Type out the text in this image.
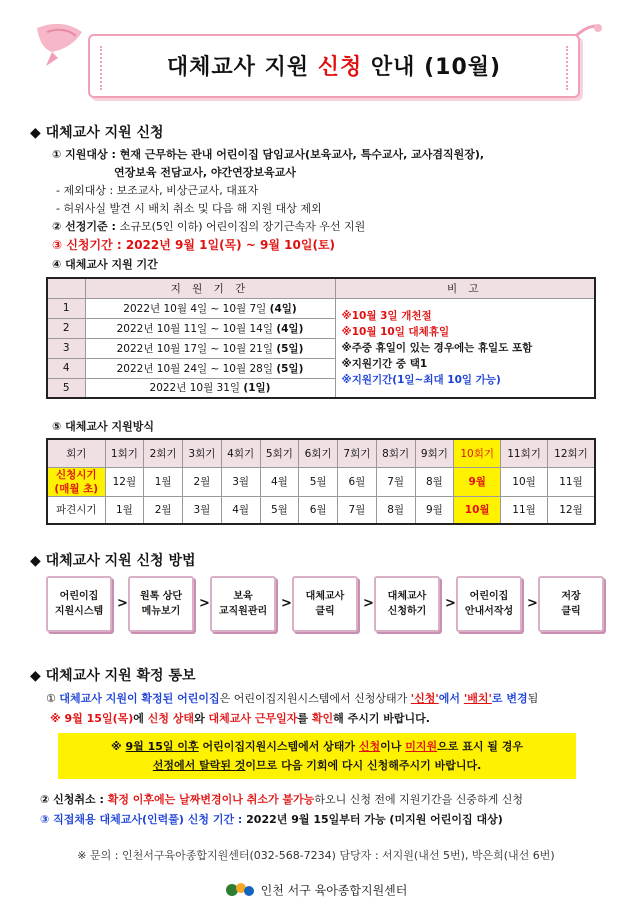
대체교사 지원 신청 안내 (10월)
◆ 대체교사 지원 신청
① 지원대상 : 현재 근무하는 관내 어린이집 담임교사(보육교사, 특수교사, 교사겸직원장),
연장보육 전담교사, 야간연장보육교사
- 제외대상 : 보조교사, 비상근교사, 대표자
- 허위사실 발견 시 배치 취소 및 다음 해 지원 대상 제외
② 선정기준 : 소규모(5인 이하) 어린이집의 장기근속자 우선 지원
③ 신청기간 : 2022년 9월 1일(목) ~ 9월 10일(토)
④ 대체교사 지원 기간
	지 원 기 간	비 고
1	2022년 10월 4일 ~ 10월 7일 (4일)	※10월 3일 개천절
※10월 10일 대체휴일
※주중 휴일이 있는 경우에는 휴일도 포함
※지원기간 중 택1
※지원기간(1일~최대 10일 가능)

2	2022년 10월 11일 ~ 10월 14일 (4일)	
3	2022년 10월 17일 ~ 10월 21일 (5일)	
4	2022년 10월 24일 ~ 10월 28일 (5일)	
5	2022년 10월 31일 (1일)	
⑤ 대체교사 지원방식
회기	1회기	2회기	3회기	4회기	5회기	6회기	7회기	8회기	9회기	10회기	11회기	12회기
신청시기
(매월 초)	12월	1월	2월	3월	4월	5월	6월	7월	8월	9월	10월	11월
파견시기	1월	2월	3월	4월	5월	6월	7월	8월	9월	10월	11월	12월
◆ 대체교사 지원 신청 방법
어린이집
지원시스템
>	원톡 상단
메뉴보기
>	보육
교직원관리
>	대체교사
클릭
>	대체교사
신청하기
>	어린이집
안내서작성
>	저장
클릭
◆ 대체교사 지원 확정 통보
① 대체교사 지원이 확정된 어린이집은 어린이집지원시스템에서 신청상태가 '신청'에서 '배치'로 변경됨
※ 9월 15일(목)에 신청 상태와 대체교사 근무일자를 확인해 주시기 바랍니다.
※ 9월 15일 이후 어린이집지원시스템에서 상태가 신청이나 미지원으로 표시 될 경우
선정에서 탈락된 것이므로 다음 기회에 다시 신청해주시기 바랍니다.
② 신청취소 : 확정 이후에는 날짜변경이나 취소가 불가능하오니 신청 전에 지원기간을 신중하게 신청
③ 직접채용 대체교사(인력풀) 신청 기간 : 2022년 9월 15일부터 가능 (미지원 어린이집 대상)
※ 문의 : 인천서구육아종합지원센터(032-568-7234) 담당자 : 서지원(내선 5번), 박은희(내선 6번)
인천 서구 육아종합지원센터
